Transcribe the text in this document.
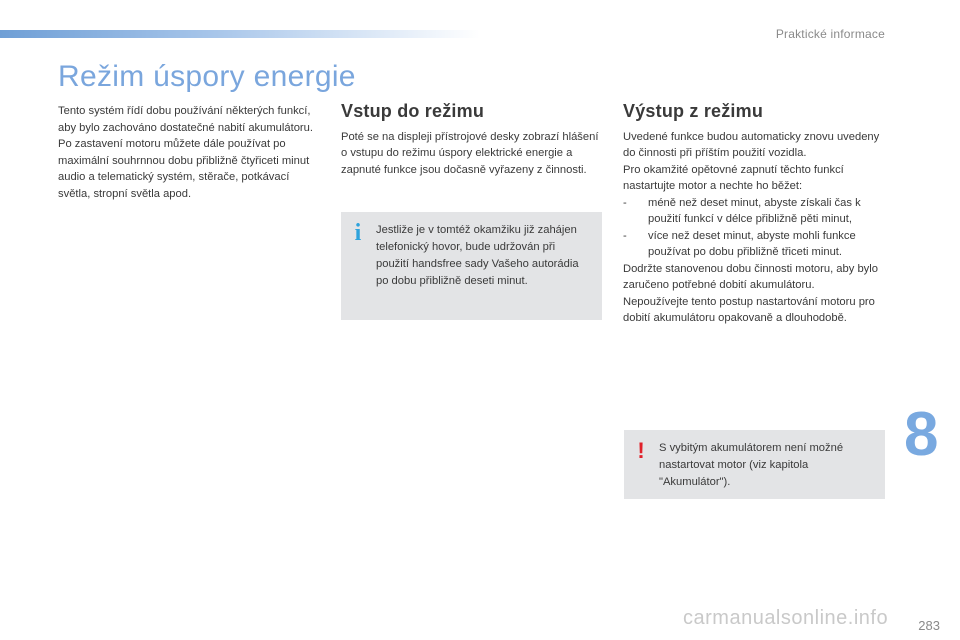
Praktické informace
Režim úspory energie

Tento systém řídí dobu používání některých funkcí, aby bylo zachováno dostatečné nabití akumulátoru.

Po zastavení motoru můžete dále používat po maximální souhrnnou dobu přibližně čtyřiceti minut audio a telematický systém, stěrače, potkávací světla, stropní světla apod.

Vstup do režimu

Poté se na displeji přístrojové desky zobrazí hlášení o vstupu do režimu úspory elektrické energie a zapnuté funkce jsou dočasně vyřazeny z činnosti.

i	Jestliže je v tomtéž okamžiku již zahájen telefonický hovor, bude udržován při použití handsfree sady Vašeho autorádia po dobu přibližně deseti minut.
Výstup z režimu

Uvedené funkce budou automaticky znovu uvedeny do činnosti při příštím použití vozidla.

Pro okamžité opětovné zapnutí těchto funkcí nastartujte motor a nechte ho běžet:

- méně než deset minut, abyste získali čas k použití funkcí v délce přibližně pěti minut,

- více než deset minut, abyste mohli funkce používat po dobu přibližně třiceti minut.

Dodržte stanovenou dobu činnosti motoru, aby bylo zaručeno potřebné dobití akumulátoru.

Nepoužívejte tento postup nastartování motoru pro dobití akumulátoru opakovaně a dlouhodobě.

!	S vybitým akumulátorem není možné nastartovat motor (viz kapitola "Akumulátor").
8
283
carmanualsonline.info
